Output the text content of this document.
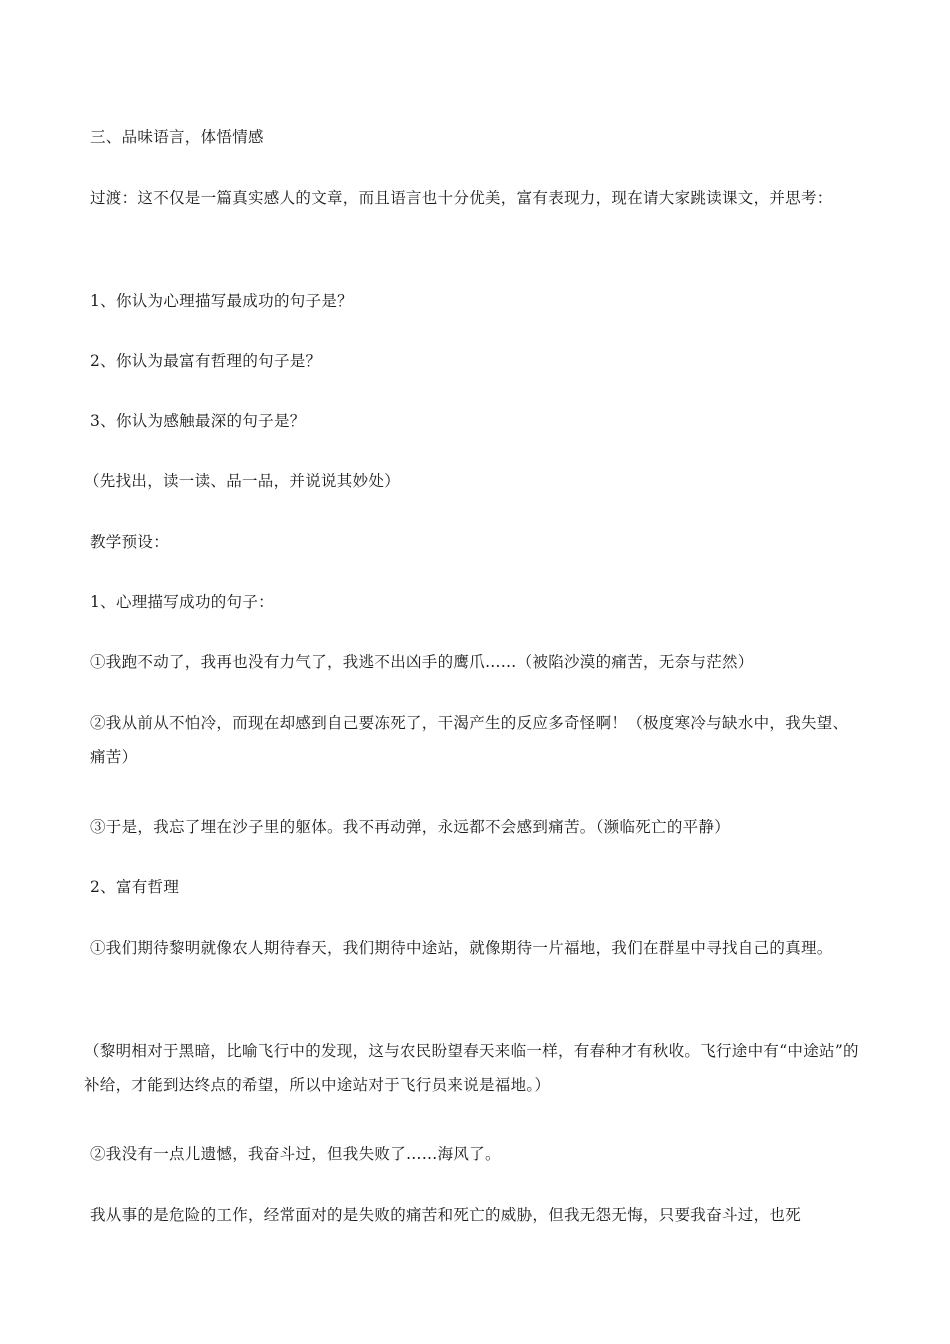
三、品味语言，体悟情感

过渡：这不仅是一篇真实感人的文章，而且语言也十分优美，富有表现力，现在请大家跳读课文，并思考：

1、你认为心理描写最成功的句子是？

2、你认为最富有哲理的句子是？

3、你认为感触最深的句子是？

（先找出，读一读、品一品，并说说其妙处）

教学预设：

1、心理描写成功的句子：

①我跑不动了，我再也没有力气了，我逃不出凶手的鹰爪……（被陷沙漠的痛苦，无奈与茫然）

②我从前从不怕冷，而现在却感到自己要冻死了，干渴产生的反应多奇怪啊！（极度寒冷与缺水中，我失望、痛苦）

③于是，我忘了埋在沙子里的躯体。我不再动弹，永远都不会感到痛苦。（濒临死亡的平静）

2、富有哲理

①我们期待黎明就像农人期待春天，我们期待中途站，就像期待一片福地，我们在群星中寻找自己的真理。

（黎明相对于黑暗，比喻飞行中的发现，这与农民盼望春天来临一样，有春种才有秋收。飞行途中有“中途站”的补给，才能到达终点的希望，所以中途站对于飞行员来说是福地。）

②我没有一点儿遗憾，我奋斗过，但我失败了……海风了。

我从事的是危险的工作，经常面对的是失败的痛苦和死亡的威胁，但我无怨无悔，只要我奋斗过，也死
